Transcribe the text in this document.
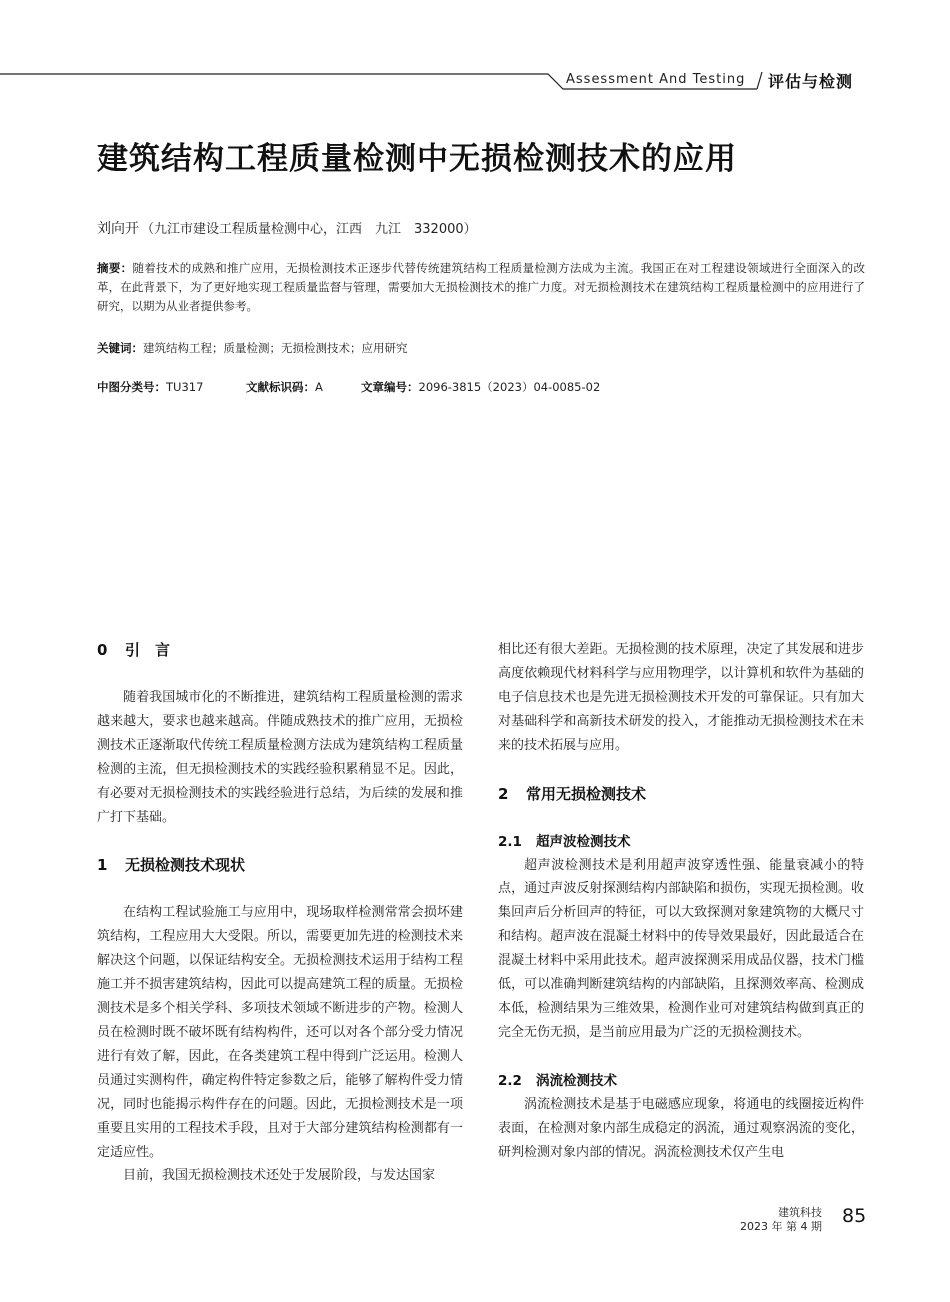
Assessment And Testing 评估与检测
建筑结构工程质量检测中无损检测技术的应用
刘向开 （九江市建设工程质量检测中心，江西　九江　332000）
摘要：随着技术的成熟和推广应用，无损检测技术正逐步代替传统建筑结构工程质量检测方法成为主流。我国正在对工程建设领域进行全面深入的改革，在此背景下，为了更好地实现工程质量监督与管理，需要加大无损检测技术的推广力度。对无损检测技术在建筑结构工程质量检测中的应用进行了研究，以期为从业者提供参考。
关键词：建筑结构工程；质量检测；无损检测技术；应用研究
中图分类号：TU317	文献标识码：A	文章编号：2096-3815（2023）04-0085-02
0 引　言

随着我国城市化的不断推进，建筑结构工程质量检测的需求越来越大，要求也越来越高。伴随成熟技术的推广应用，无损检测技术正逐渐取代传统工程质量检测方法成为建筑结构工程质量检测的主流，但无损检测技术的实践经验积累稍显不足。因此，有必要对无损检测技术的实践经验进行总结，为后续的发展和推广打下基础。

1 无损检测技术现状

在结构工程试验施工与应用中，现场取样检测常常会损坏建筑结构，工程应用大大受限。所以，需要更加先进的检测技术来解决这个问题，以保证结构安全。无损检测技术运用于结构工程施工并不损害建筑结构，因此可以提高建筑工程的质量。无损检测技术是多个相关学科、多项技术领域不断进步的产物。检测人员在检测时既不破坏既有结构构件，还可以对各个部分受力情况进行有效了解，因此，在各类建筑工程中得到广泛运用。检测人员通过实测构件，确定构件特定参数之后，能够了解构件受力情况，同时也能揭示构件存在的问题。因此，无损检测技术是一项重要且实用的工程技术手段，且对于大部分建筑结构检测都有一定适应性。

目前，我国无损检测技术还处于发展阶段，与发达国家

相比还有很大差距。无损检测的技术原理，决定了其发展和进步高度依赖现代材料科学与应用物理学，以计算机和软件为基础的电子信息技术也是先进无损检测技术开发的可靠保证。只有加大对基础科学和高新技术研发的投入，才能推动无损检测技术在未来的技术拓展与应用。

2 常用无损检测技术
2.1 超声波检测技术

超声波检测技术是利用超声波穿透性强、能量衰减小的特点，通过声波反射探测结构内部缺陷和损伤，实现无损检测。收集回声后分析回声的特征，可以大致探测对象建筑物的大概尺寸和结构。超声波在混凝土材料中的传导效果最好，因此最适合在混凝土材料中采用此技术。超声波探测采用成品仪器，技术门槛低，可以准确判断建筑结构的内部缺陷，且探测效率高、检测成本低，检测结果为三维效果，检测作业可对建筑结构做到真正的完全无伤无损，是当前应用最为广泛的无损检测技术。

2.2 涡流检测技术

涡流检测技术是基于电磁感应现象，将通电的线圈接近构件表面，在检测对象内部生成稳定的涡流，通过观察涡流的变化，研判检测对象内部的情况。涡流检测技术仅产生电

建筑科技
2023 年 第 4 期 85
